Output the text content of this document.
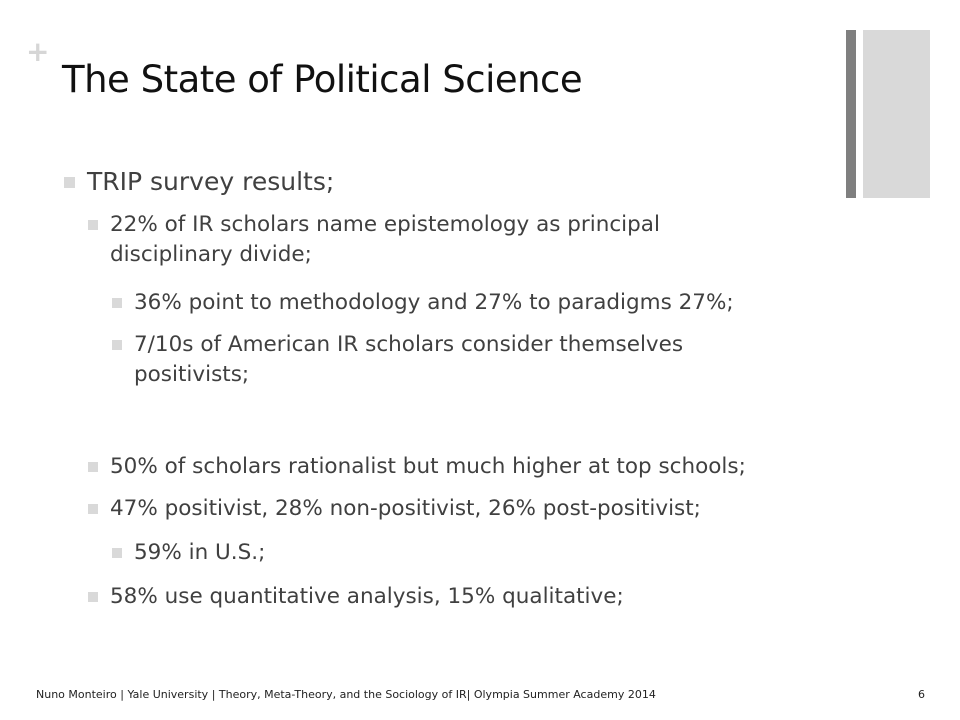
+
The State of Political Science
TRIP survey results;
22% of IR scholars name epistemology as principal disciplinary divide;
36% point to methodology and 27% to paradigms 27%;
7/10s of American IR scholars consider themselves positivists;
50% of scholars rationalist but much higher at top schools;
47% positivist, 28% non-positivist, 26% post-positivist;
59% in U.S.;
58% use quantitative analysis, 15% qualitative;
Nuno Monteiro | Yale University | Theory, Meta-Theory, and the Sociology of IR| Olympia Summer Academy 2014	6
